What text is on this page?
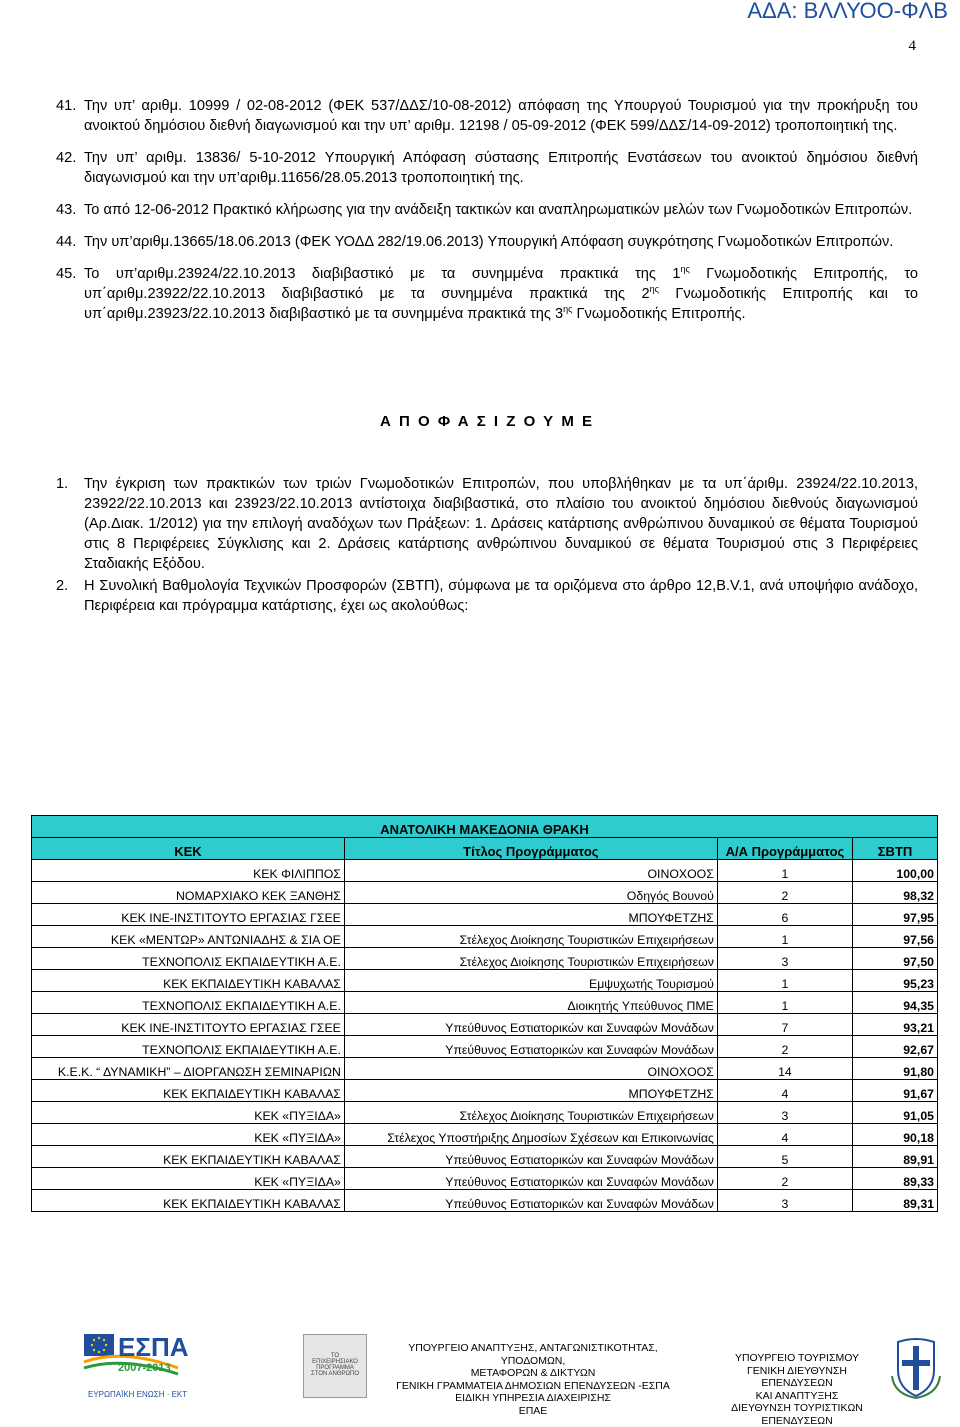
ΑΔΑ: ΒΛΛΥΟΟ-ΦΛΒ
4
41. Την υπ’ αριθμ. 10999 / 02-08-2012 (ΦΕΚ 537/ΔΔΣ/10-08-2012) απόφαση της Υπουργού Τουρισμού για την προκήρυξη του ανοικτού δημόσιου διεθνή διαγωνισμού και την υπ’ αριθμ. 12198 / 05-09-2012 (ΦΕΚ 599/ΔΔΣ/14-09-2012) τροποποιητική της.
42. Την υπ’ αριθμ. 13836/ 5-10-2012 Υπουργική Απόφαση σύστασης Επιτροπής Ενστάσεων του ανοικτού δημόσιου διεθνή διαγωνισμού και την υπ’αριθμ.11656/28.05.2013 τροποποιητική της.
43. Το από 12-06-2012 Πρακτικό κλήρωσης για την ανάδειξη τακτικών και αναπληρωματικών μελών των Γνωμοδοτικών Επιτροπών.
44. Την υπ’αριθμ.13665/18.06.2013 (ΦΕΚ ΥΟΔΔ 282/19.06.2013) Υπουργική Απόφαση συγκρότησης Γνωμοδοτικών Επιτροπών.
45. Το υπ’αριθμ.23924/22.10.2013 διαβιβαστικό με τα συνημμένα πρακτικά της $1^{\eta\varsigma}$ Γνωμοδοτικής Επιτροπής, το υπ΄αριθμ.23922/22.10.2013 διαβιβαστικό με τα συνημμένα πρακτικά της $2^{\eta\varsigma}$ Γνωμοδοτικής Επιτροπής και το υπ΄αριθμ.23923/22.10.2013 διαβιβαστικό με τα συνημμένα πρακτικά της $3^{\eta\varsigma}$ Γνωμοδοτικής Επιτροπής.
Α Π Ο Φ Α Σ Ι Ζ Ο Υ Μ Ε
1.	Την έγκριση των πρακτικών των τριών Γνωμοδοτικών Επιτροπών, που υποβλήθηκαν με τα υπ΄άριθμ. 23924/22.10.2013, 23922/22.10.2013 και 23923/22.10.2013 αντίστοιχα διαβιβαστικά, στο πλαίσιο του ανοικτού δημόσιου διεθνούς διαγωνισμού (Αρ.Διακ. 1/2012) για την επιλογή αναδόχων των Πράξεων: 1. Δράσεις κατάρτισης ανθρώπινου δυναμικού σε θέματα Τουρισμού στις 8 Περιφέρειες Σύγκλισης και 2. Δράσεις κατάρτισης ανθρώπινου δυναμικού σε θέματα Τουρισμού στις 3 Περιφέρειες Σταδιακής Εξόδου.
2.	Η Συνολική Βαθμολογία Τεχνικών Προσφορών (ΣΒΤΠ), σύμφωνα με τα οριζόμενα στο άρθρο 12,Β.V.1, ανά υποψήφιο ανάδοχο, Περιφέρεια και πρόγραμμα κατάρτισης, έχει ως ακολούθως:
ΑΝΑΤΟΛΙΚΗ ΜΑΚΕΔΟΝΙΑ ΘΡΑΚΗ			
ΚΕΚ	Τίτλος Προγράμματος	Α/Α Προγράμματος	ΣΒΤΠ
ΚΕΚ ΦΙΛΙΠΠΟΣ	ΟΙΝΟΧΟΟΣ	1	100,00
ΝΟΜΑΡΧΙΑΚΟ ΚΕΚ ΞΑΝΘΗΣ	Οδηγός Βουνού	2	98,32
ΚΕΚ ΙΝΕ-ΙΝΣΤΙΤΟΥΤΟ ΕΡΓΑΣΙΑΣ ΓΣΕΕ	ΜΠΟΥΦΕΤΖΗΣ	6	97,95
ΚΕΚ «ΜΕΝΤΩΡ» ΑΝΤΩΝΙΑΔΗΣ & ΣΙΑ ΟΕ	Στέλεχος Διοίκησης Τουριστικών Επιχειρήσεων	1	97,56
ΤΕΧΝΟΠΟΛΙΣ ΕΚΠΑΙΔΕΥΤΙΚΗ Α.Ε.	Στέλεχος Διοίκησης Τουριστικών Επιχειρήσεων	3	97,50
ΚΕΚ ΕΚΠΑΙΔΕΥΤΙΚΗ ΚΑΒΑΛΑΣ	Εμψυχωτής Τουρισμού	1	95,23
ΤΕΧΝΟΠΟΛΙΣ ΕΚΠΑΙΔΕΥΤΙΚΗ Α.Ε.	Διοικητής Υπεύθυνος ΠΜΕ	1	94,35
ΚΕΚ ΙΝΕ-ΙΝΣΤΙΤΟΥΤΟ ΕΡΓΑΣΙΑΣ ΓΣΕΕ	Υπεύθυνος Εστιατορικών και Συναφών Μονάδων	7	93,21
ΤΕΧΝΟΠΟΛΙΣ ΕΚΠΑΙΔΕΥΤΙΚΗ Α.Ε.	Υπεύθυνος Εστιατορικών και Συναφών Μονάδων	2	92,67
Κ.Ε.Κ. “ ΔΥΝΑΜΙΚΗ” – ΔΙΟΡΓΑΝΩΣΗ ΣΕΜΙΝΑΡΙΩΝ	ΟΙΝΟΧΟΟΣ	14	91,80
ΚΕΚ ΕΚΠΑΙΔΕΥΤΙΚΗ ΚΑΒΑΛΑΣ	ΜΠΟΥΦΕΤΖΗΣ	4	91,67
ΚΕΚ «ΠΥΞΙΔΑ»	Στέλεχος Διοίκησης Τουριστικών Επιχειρήσεων	3	91,05
ΚΕΚ «ΠΥΞΙΔΑ»	Στέλεχος Υποστήριξης Δημοσίων Σχέσεων και Επικοινωνίας	4	90,18
ΚΕΚ ΕΚΠΑΙΔΕΥΤΙΚΗ ΚΑΒΑΛΑΣ	Υπεύθυνος Εστιατορικών και Συναφών Μονάδων	5	89,91
ΚΕΚ «ΠΥΞΙΔΑ»	Υπεύθυνος Εστιατορικών και Συναφών Μονάδων	2	89,33
ΚΕΚ ΕΚΠΑΙΔΕΥΤΙΚΗ ΚΑΒΑΛΑΣ	Υπεύθυνος Εστιατορικών και Συναφών Μονάδων	3	89,31
ΕΣΠΑ
2007-2013
ΕΥΡΩΠΑΪΚΗ ΕΝΩΣΗ · ΕΚΤ
ΤΟ ΕΠΙΧΕΙΡΗΣΙΑΚΟ ΠΡΟΓΡΑΜΜΑ ΣΤΟΝ ΑΝΘΡΩΠΟ
ΥΠΟΥΡΓΕΙΟ ΑΝΑΠΤΥΞΗΣ, ΑΝΤΑΓΩΝΙΣΤΙΚΟΤΗΤΑΣ, ΥΠΟΔΟΜΩΝ,
ΜΕΤΑΦΟΡΩΝ & ΔΙΚΤΥΩΝ
ΓΕΝΙΚΗ ΓΡΑΜΜΑΤΕΙΑ ΔΗΜΟΣΙΩΝ ΕΠΕΝΔΥΣΕΩΝ -ΕΣΠΑ
ΕΙΔΙΚΗ ΥΠΗΡΕΣΙΑ ΔΙΑΧΕΙΡΙΣΗΣ
ΕΠΑΕ
ΥΠΟΥΡΓΕΙΟ ΤΟΥΡΙΣΜΟΥ
ΓΕΝΙΚΗ ΔΙΕΥΘΥΝΣΗ ΕΠΕΝΔΥΣΕΩΝ
ΚΑΙ ΑΝΑΠΤΥΞΗΣ
ΔΙΕΥΘΥΝΣΗ ΤΟΥΡΙΣΤΙΚΩΝ
ΕΠΕΝΔΥΣΕΩΝ
